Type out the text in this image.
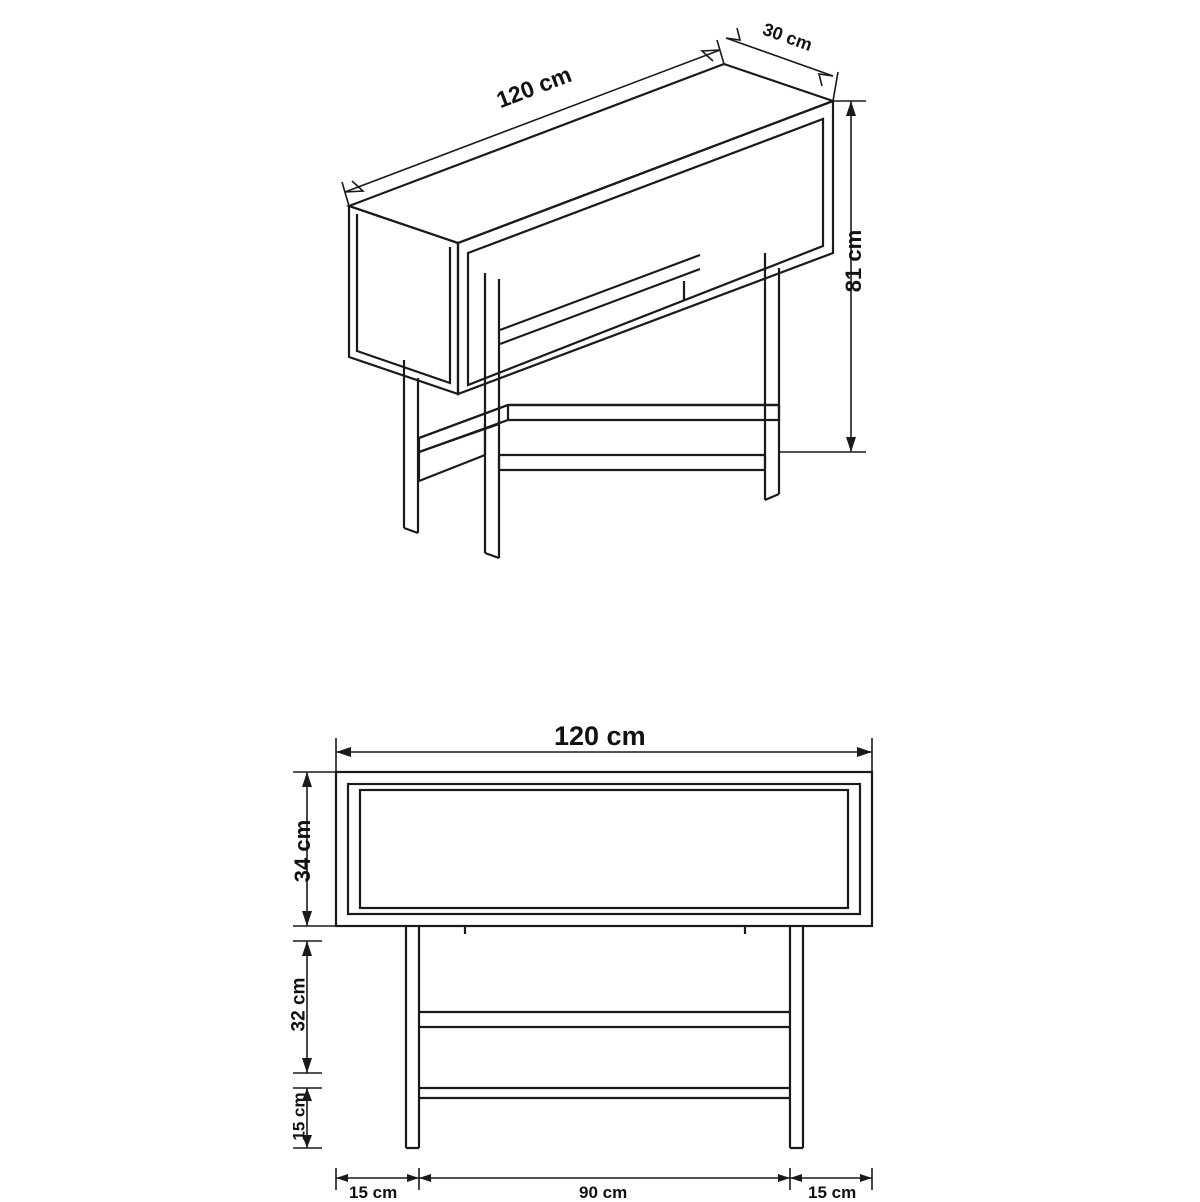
120 cm
30 cm
81 cm
120 cm
34 cm
32 cm
15 cm
15 cm	90 cm	15 cm
